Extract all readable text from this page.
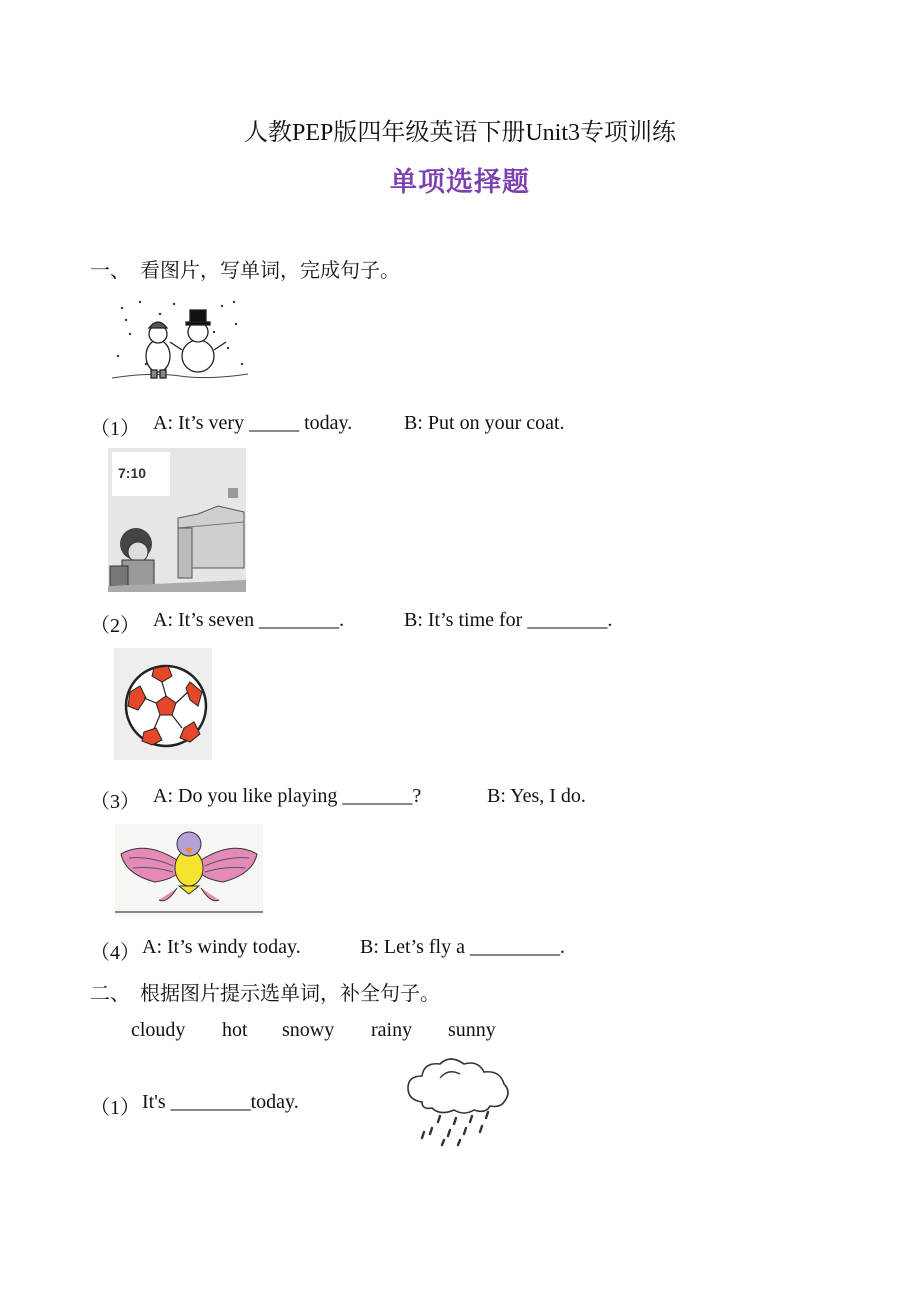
人教PEP版四年级英语下册Unit3专项训练
单项选择题
一、  看图片，写单词，完成句子。
（1） A: It’s very _____ today.	B: Put on your coat.
7:10
（2） A: It’s seven ________.	B: It’s time for ________.
（3） A: Do you like playing _______?	B: Yes, I do.
（4） A: It’s windy today.	B: Let’s fly a _________.
二、  根据图片提示选单词，补全句子。
cloudy hot snowy rainy sunny
（1） It's ________today.
